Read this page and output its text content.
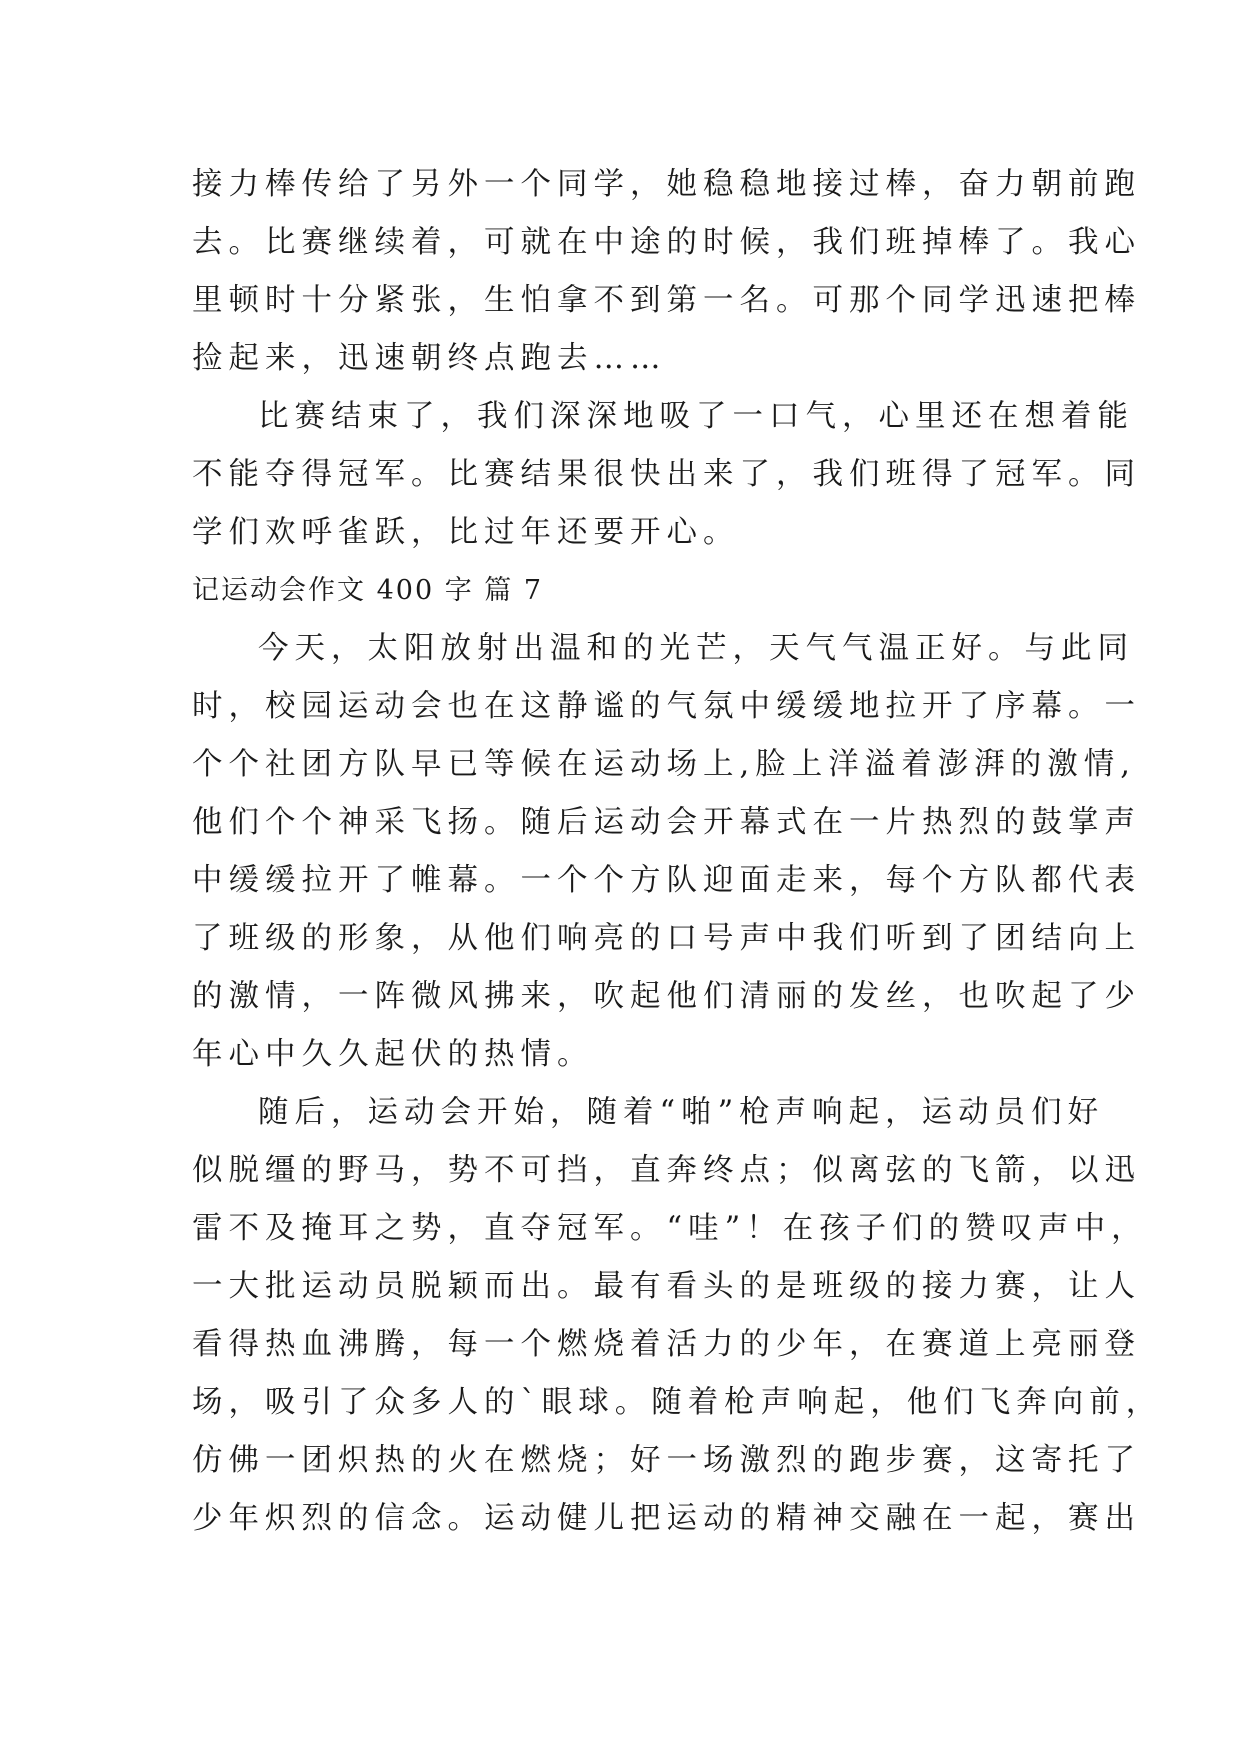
接力棒传给了另外一个同学，她稳稳地接过棒，奋力朝前跑
去。比赛继续着，可就在中途的时候，我们班掉棒了。我心
里顿时十分紧张，生怕拿不到第一名。可那个同学迅速把棒
捡起来，迅速朝终点跑去……
比赛结束了，我们深深地吸了一口气，心里还在想着能
不能夺得冠军。比赛结果很快出来了，我们班得了冠军。同
学们欢呼雀跃，比过年还要开心。
记运动会作文 400 字 篇 7
今天，太阳放射出温和的光芒，天气气温正好。与此同
时，校园运动会也在这静谧的气氛中缓缓地拉开了序幕。一
个个社团方队早已等候在运动场上,脸上洋溢着澎湃的激情,
他们个个神采飞扬。随后运动会开幕式在一片热烈的鼓掌声
中缓缓拉开了帷幕。一个个方队迎面走来，每个方队都代表
了班级的形象，从他们响亮的口号声中我们听到了团结向上
的激情，一阵微风拂来，吹起他们清丽的发丝，也吹起了少
年心中久久起伏的热情。
随后，运动会开始，随着“啪”枪声响起，运动员们好
似脱缰的野马，势不可挡，直奔终点；似离弦的飞箭，以迅
雷不及掩耳之势，直夺冠军。“哇”！在孩子们的赞叹声中，
一大批运动员脱颖而出。最有看头的是班级的接力赛，让人
看得热血沸腾，每一个燃烧着活力的少年，在赛道上亮丽登
场，吸引了众多人的`眼球。随着枪声响起，他们飞奔向前，
仿佛一团炽热的火在燃烧；好一场激烈的跑步赛，这寄托了
少年炽烈的信念。运动健儿把运动的精神交融在一起，赛出
